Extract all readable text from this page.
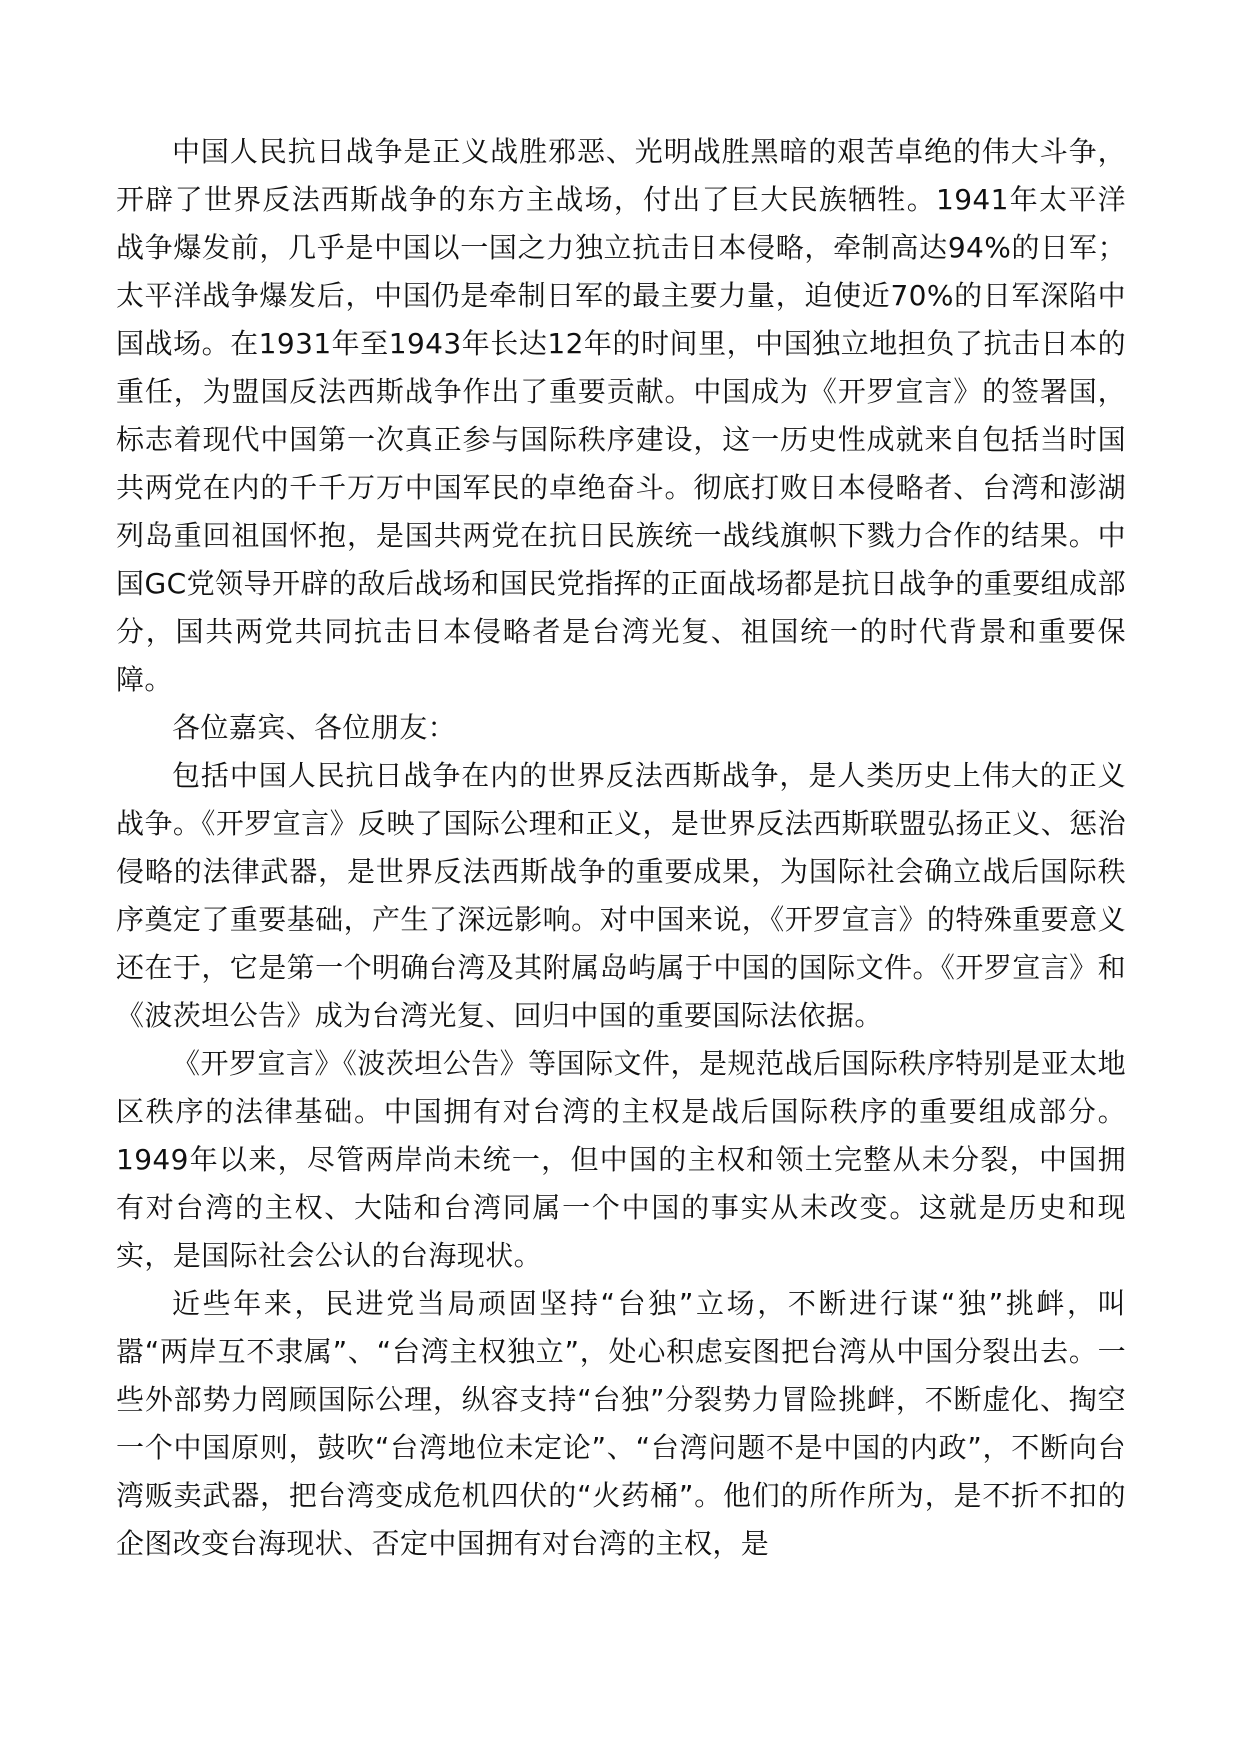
中国人民抗日战争是正义战胜邪恶、光明战胜黑暗的艰苦卓绝的伟大斗争，开辟了世界反法西斯战争的东方主战场，付出了巨大民族牺牲。1941年太平洋战争爆发前，几乎是中国以一国之力独立抗击日本侵略，牵制高达94%的日军；太平洋战争爆发后，中国仍是牵制日军的最主要力量，迫使近70%的日军深陷中国战场。在1931年至1943年长达12年的时间里，中国独立地担负了抗击日本的重任，为盟国反法西斯战争作出了重要贡献。中国成为《开罗宣言》的签署国，标志着现代中国第一次真正参与国际秩序建设，这一历史性成就来自包括当时国共两党在内的千千万万中国军民的卓绝奋斗。彻底打败日本侵略者、台湾和澎湖列岛重回祖国怀抱，是国共两党在抗日民族统一战线旗帜下戮力合作的结果。中国GC党领导开辟的敌后战场和国民党指挥的正面战场都是抗日战争的重要组成部分，国共两党共同抗击日本侵略者是台湾光复、祖国统一的时代背景和重要保障。

各位嘉宾、各位朋友：

包括中国人民抗日战争在内的世界反法西斯战争，是人类历史上伟大的正义战争。《开罗宣言》反映了国际公理和正义，是世界反法西斯联盟弘扬正义、惩治侵略的法律武器，是世界反法西斯战争的重要成果，为国际社会确立战后国际秩序奠定了重要基础，产生了深远影响。对中国来说，《开罗宣言》的特殊重要意义还在于，它是第一个明确台湾及其附属岛屿属于中国的国际文件。《开罗宣言》和《波茨坦公告》成为台湾光复、回归中国的重要国际法依据。

《开罗宣言》《波茨坦公告》等国际文件，是规范战后国际秩序特别是亚太地区秩序的法律基础。中国拥有对台湾的主权是战后国际秩序的重要组成部分。1949年以来，尽管两岸尚未统一，但中国的主权和领土完整从未分裂，中国拥有对台湾的主权、大陆和台湾同属一个中国的事实从未改变。这就是历史和现实，是国际社会公认的台海现状。

近些年来，民进党当局顽固坚持“台独”立场，不断进行谋“独”挑衅，叫嚣“两岸互不隶属”、“台湾主权独立”，处心积虑妄图把台湾从中国分裂出去。一些外部势力罔顾国际公理，纵容支持“台独”分裂势力冒险挑衅，不断虚化、掏空一个中国原则，鼓吹“台湾地位未定论”、“台湾问题不是中国的内政”，不断向台湾贩卖武器，把台湾变成危机四伏的“火药桶”。他们的所作所为，是不折不扣的企图改变台海现状、否定中国拥有对台湾的主权，是
